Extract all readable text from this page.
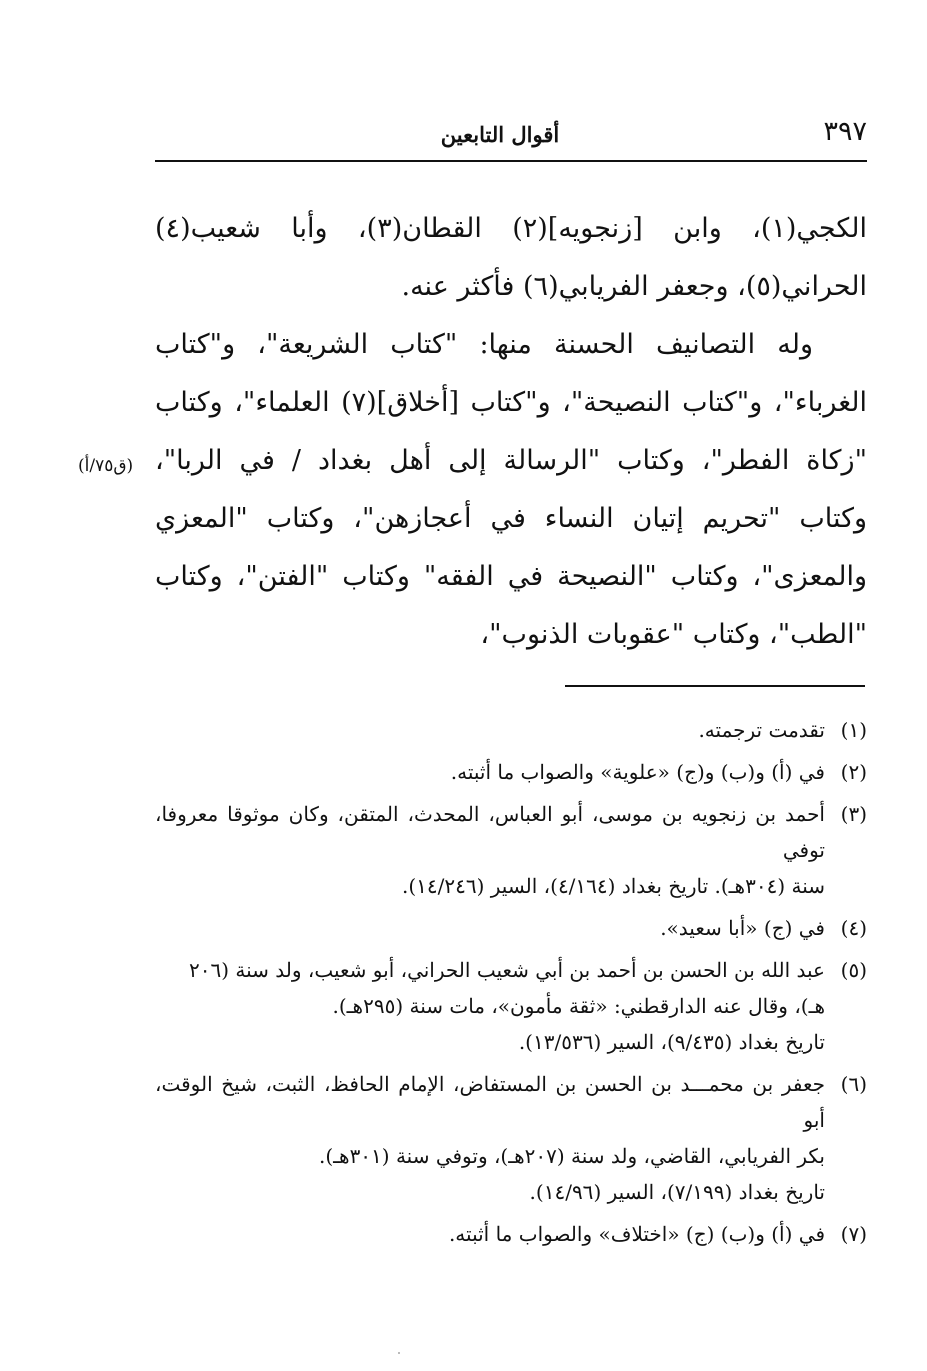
٣٩٧
أقوال التابعين

الكجي(١)، وابن [زنجويه](٢) القطان(٣)، وأبا شعيب(٤) الحراني(٥)، وجعفر الفريابي(٦) فأكثر عنه.

وله التصانيف الحسنة منها: "كتاب الشريعة"، و"كتاب الغرباء"، و"كتاب النصيحة"، و"كتاب [أخلاق](٧) العلماء"، وكتاب "زكاة الفطر"، وكتاب "الرسالة إلى أهل بغداد / في الربا"، وكتاب "تحريم إتيان النساء في أعجازهن"، وكتاب "المعزي والمعزى"، وكتاب "النصيحة في الفقه" وكتاب "الفتن"، وكتاب "الطب"، وكتاب "عقوبات الذنوب"،

(ق٧٥/أ)
(١)
تقدمت ترجمته.
(٢)
في (أ) و(ب) و(ج) «علوية» والصواب ما أثبته.
(٣)
أحمد بن زنجويه بن موسى، أبو العباس، المحدث، المتقن، وكان موثوقا معروفا، توفي
سنة (٣٠٤هـ). تاريخ بغداد (٤/١٦٤)، السير (١٤/٢٤٦).
(٤)
في (ج) «أبا سعيد».
(٥)
عبد الله بن الحسن بن أحمد بن أبي شعيب الحراني، أبو شعيب، ولد سنة (٢٠٦
هـ)، وقال عنه الدارقطني: «ثقة مأمون»، مات سنة (٢٩٥هـ).
تاريخ بغداد (٩/٤٣٥)، السير (١٣/٥٣٦).
(٦)
جعفر بن محمـــد بن الحسن بن المستفاض، الإمام الحافظ، الثبت، شيخ الوقت، أبو
بكر الفريابي، القاضي، ولد سنة (٢٠٧هـ)، وتوفي سنة (٣٠١هـ).
تاريخ بغداد (٧/١٩٩)، السير (١٤/٩٦).
(٧)
في (أ) و(ب) (ج) «اختلاف» والصواب ما أثبته.
